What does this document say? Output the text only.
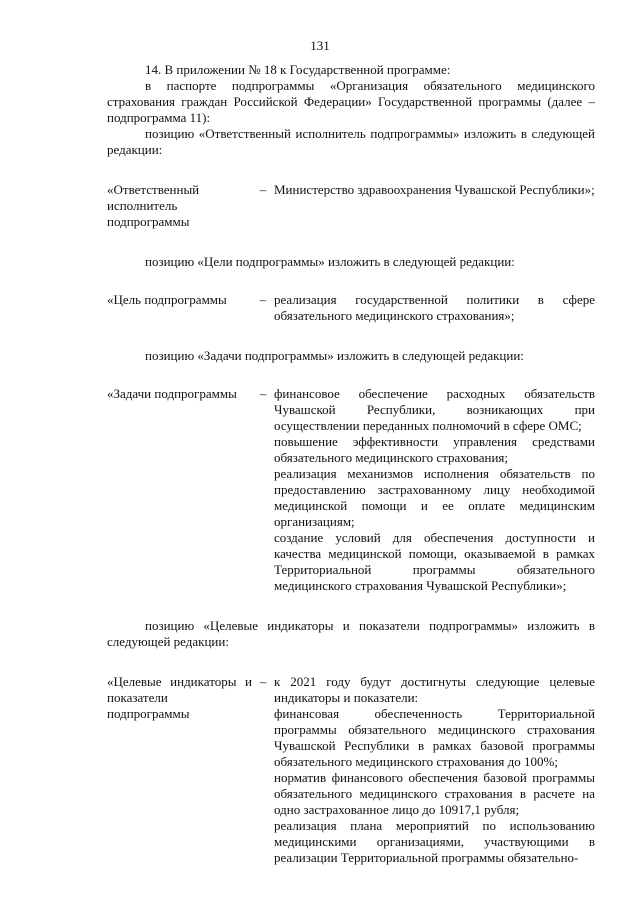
131

14. В приложении № 18 к Государственной программе:

в паспорте подпрограммы «Организация обязательного медицинского страхования граждан Российской Федерации» Государственной программы (далее – подпрограмма 11):

позицию «Ответственный исполнитель подпрограммы» изложить в следующей редакции:

«Ответственный исполнитель подпрограммы
– Министерство здравоохранения Чувашской Республики»;

позицию «Цели подпрограммы» изложить в следующей редакции:

«Цель подпрограммы	– реализация государственной политики в сфере обязательного медицинского страхования»;

позицию «Задачи подпрограммы» изложить в следующей редакции:

«Задачи подпрограммы	– финансовое обеспечение расходных обязательств Чувашской Республики, возникающих при осуществлении переданных полномочий в сфере ОМС;

повышение эффективности управления средствами обязательного медицинского страхования;

реализация механизмов исполнения обязательств по предоставлению застрахованному лицу необходимой медицинской помощи и ее оплате медицинским организациям;

создание условий для обеспечения доступности и качества медицинской помощи, оказываемой в рамках Территориальной программы обязательного медицинского страхования Чувашской Республики»;

позицию «Целевые индикаторы и показатели подпрограммы» изложить в следующей редакции:

«Целевые индикаторы и показатели подпрограммы
– к 2021 году будут достигнуты следующие целевые индикаторы и показатели:

финансовая обеспеченность Территориальной программы обязательного медицинского страхования Чувашской Республики в рамках базовой программы обязательного медицинского страхования до 100%;

норматив финансового обеспечения базовой программы обязательного медицинского страхования в расчете на одно застрахованное лицо до 10917,1 рубля;

реализация плана мероприятий по использованию медицинскими организациями, участвующими в реализации Территориальной программы обязательно-
